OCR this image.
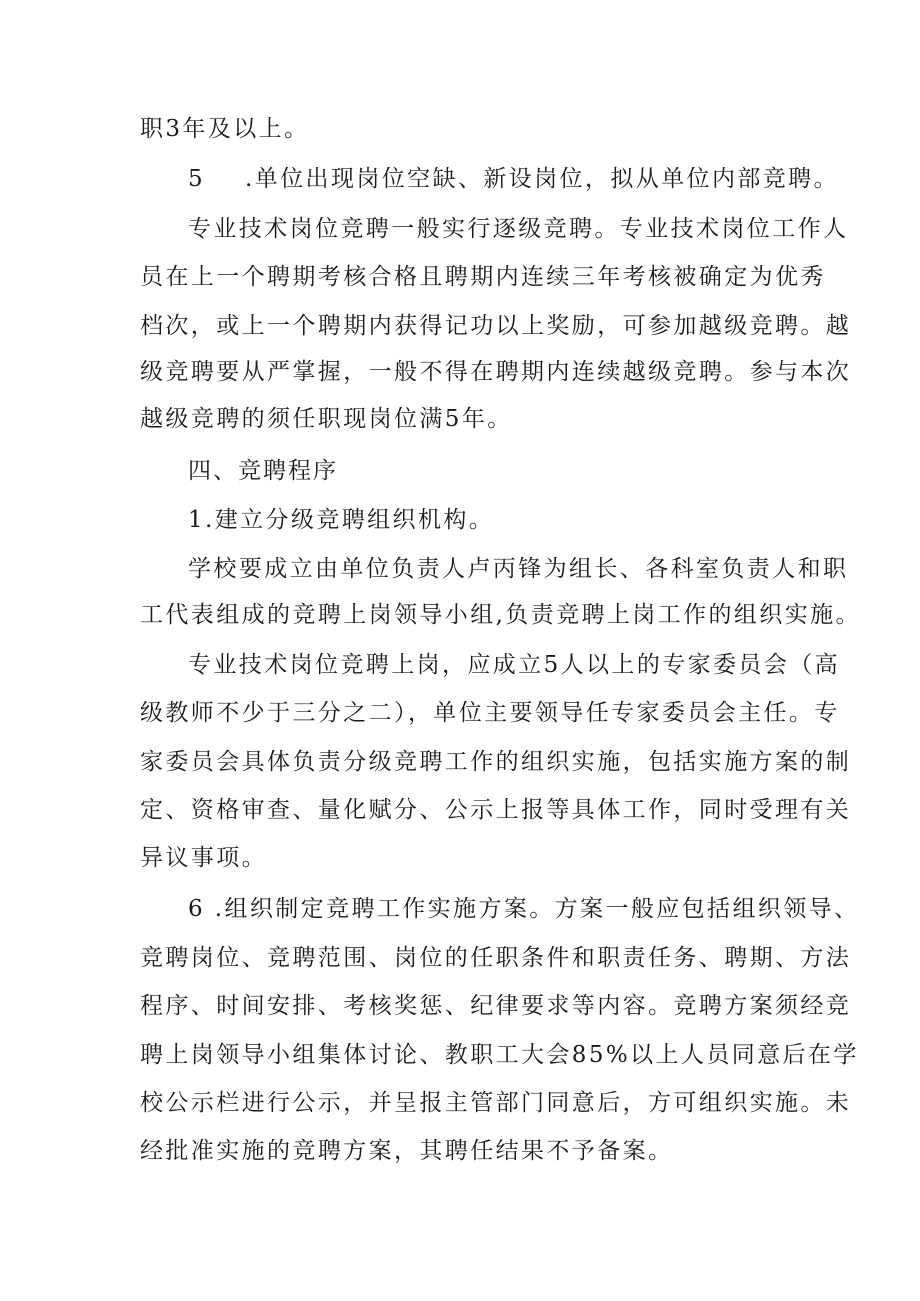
职3年及以上。
5 .单位出现岗位空缺、新设岗位，拟从单位内部竞聘。
专业技术岗位竞聘一般实行逐级竞聘。专业技术岗位工作人
员在上一个聘期考核合格且聘期内连续三年考核被确定为优秀
档次，或上一个聘期内获得记功以上奖励，可参加越级竞聘。越
级竞聘要从严掌握，一般不得在聘期内连续越级竞聘。参与本次
越级竞聘的须任职现岗位满5年。
四、竞聘程序
1.建立分级竞聘组织机构。
学校要成立由单位负责人卢丙锋为组长、各科室负责人和职
工代表组成的竞聘上岗领导小组,负责竞聘上岗工作的组织实施。
专业技术岗位竞聘上岗，应成立5人以上的专家委员会（高
级教师不少于三分之二），单位主要领导任专家委员会主任。专
家委员会具体负责分级竞聘工作的组织实施，包括实施方案的制
定、资格审查、量化赋分、公示上报等具体工作，同时受理有关
异议事项。
6 .组织制定竞聘工作实施方案。方案一般应包括组织领导、
竞聘岗位、竞聘范围、岗位的任职条件和职责任务、聘期、方法
程序、时间安排、考核奖惩、纪律要求等内容。竞聘方案须经竞
聘上岗领导小组集体讨论、教职工大会85%以上人员同意后在学
校公示栏进行公示，并呈报主管部门同意后，方可组织实施。未
经批准实施的竞聘方案，其聘任结果不予备案。
